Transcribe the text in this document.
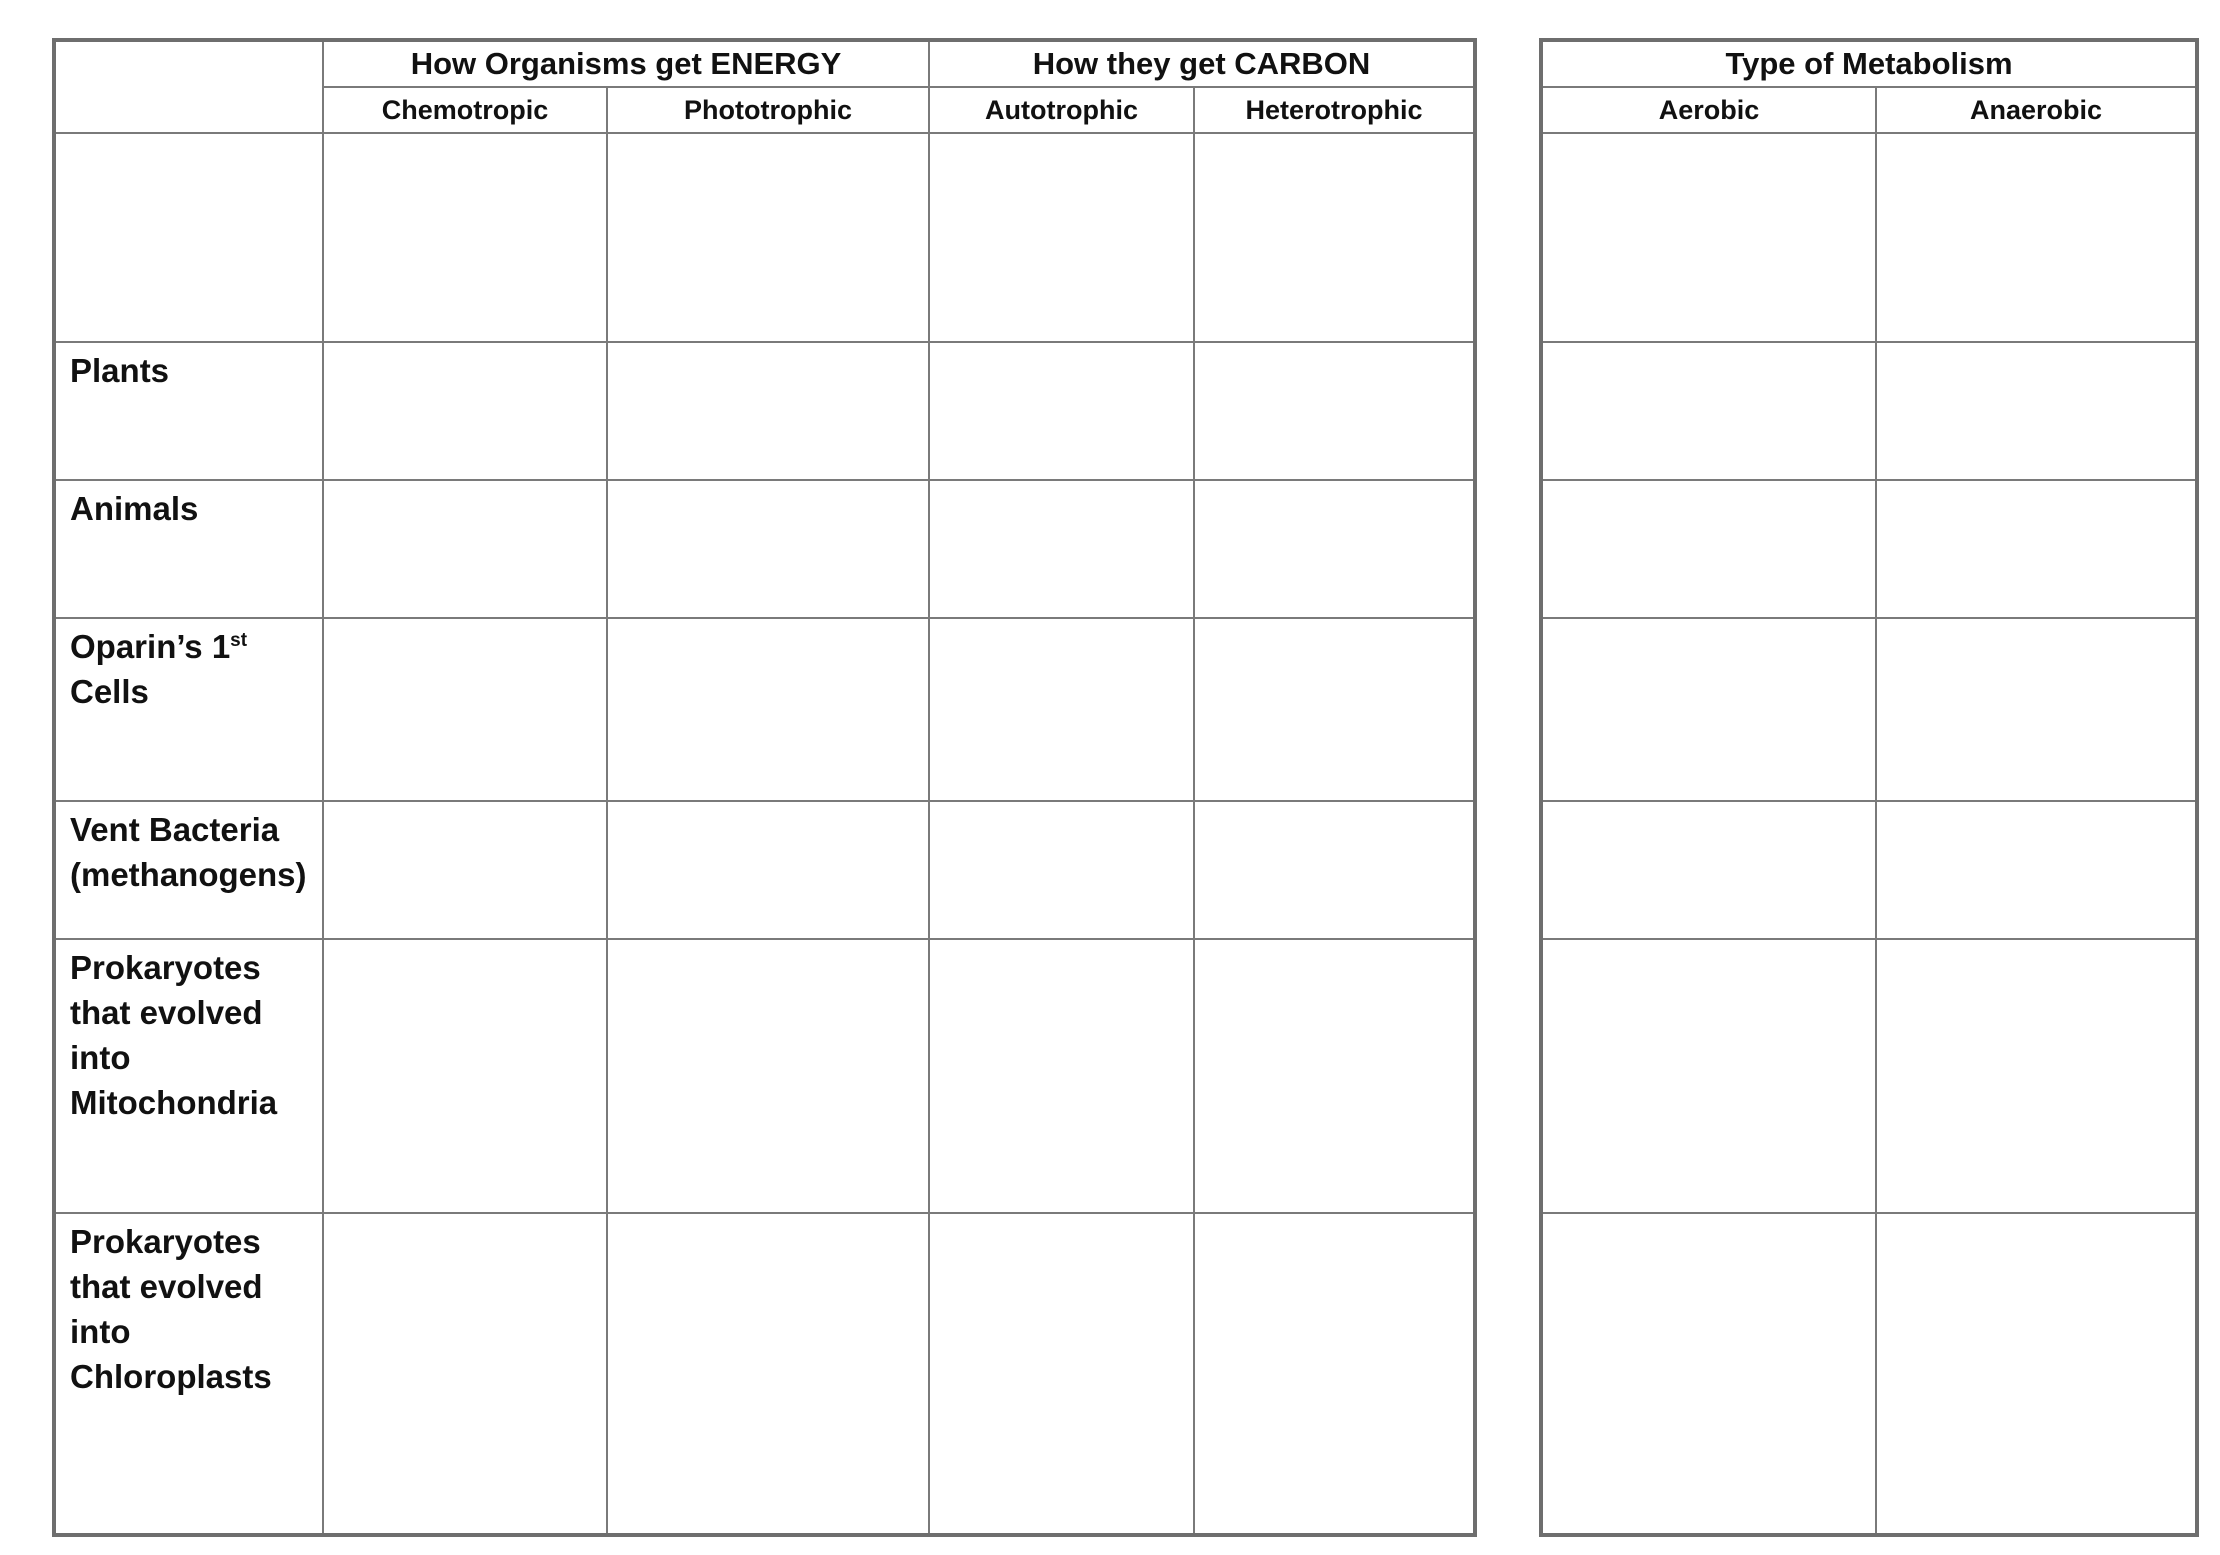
	How Organisms get ENERGY		How they get CARBON	
	Chemotropic	Phototrophic	Autotrophic	Heterotrophic

Plants				

Animals				

Oparin’s 1st
Cells				

Vent Bacteria
(methanogens)				

Prokaryotes
that evolved
into
Mitochondria				

Prokaryotes
that evolved
into
Chloroplasts				

Type of Metabolism	
Aerobic	Anaerobic
